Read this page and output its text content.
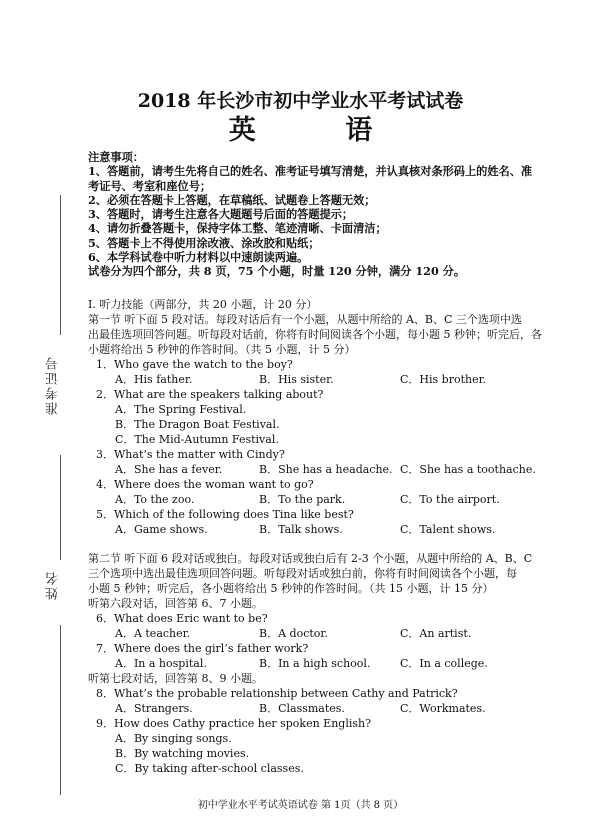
2018 年长沙市初中学业水平考试试卷
英 语
注意事项：
1、答题前，请考生先将自己的姓名、准考证号填写清楚，并认真核对条形码上的姓名、准
考证号、考室和座位号；
2、必须在答题卡上答题，在草稿纸、试题卷上答题无效；
3、答题时，请考生注意各大题题号后面的答题提示；
4、请勿折叠答题卡，保持字体工整、笔迹清晰、卡面清洁；
5、答题卡上不得使用涂改液、涂改胶和贴纸；
6、本学科试卷中听力材料以中速朗读两遍。
试卷分为四个部分，共 8 页，75 个小题，时量 120 分钟，满分 120 分。
准考证号
姓名
I. 听力技能（两部分，共 20 小题，计 20 分）
第一节 听下面 5 段对话。每段对话后有一个小题，从题中所给的 A、B、C 三个选项中选
出最佳选项回答问题。听每段对话前，你将有时间阅读各个小题，每小题 5 秒钟；听完后，各
小题将给出 5 秒钟的作答时间。（共 5 小题，计 5 分）
1．Who gave the watch to the boy?
A．His father.	B．His sister.	C．His brother.
2．What are the speakers talking about?
A．The Spring Festival.
B．The Dragon Boat Festival.
C．The Mid-Autumn Festival.
3．What’s the matter with Cindy?
A．She has a fever.	B．She has a headache. C．She has a toothache.
4．Where does the woman want to go?
A．To the zoo.	B．To the park.	C．To the airport.
5．Which of the following does Tina like best?
A．Game shows.	B．Talk shows.	C．Talent shows.
第二节 听下面 6 段对话或独白。每段对话或独白后有 2-3 个小题，从题中所给的 A、B、C
三个选项中选出最佳选项回答问题。听每段对话或独白前，你将有时间阅读各个小题，每
小题 5 秒钟；听完后，各小题将给出 5 秒钟的作答时间。（共 15 小题，计 15 分）
听第六段对话，回答第 6、7 小题。
6．What does Eric want to be?
A．A teacher.	B．A doctor.	C．An artist.
7．Where does the girl’s father work?
A．In a hospital.	B．In a high school.	C．In a college.
听第七段对话，回答第 8、9 小题。
8．What’s the probable relationship between Cathy and Patrick?
A．Strangers.	B．Classmates.	C．Workmates.
9．How does Cathy practice her spoken English?
A．By singing songs.
B．By watching movies.
C．By taking after-school classes.
初中学业水平考试英语试卷 第 1页（共 8 页）
